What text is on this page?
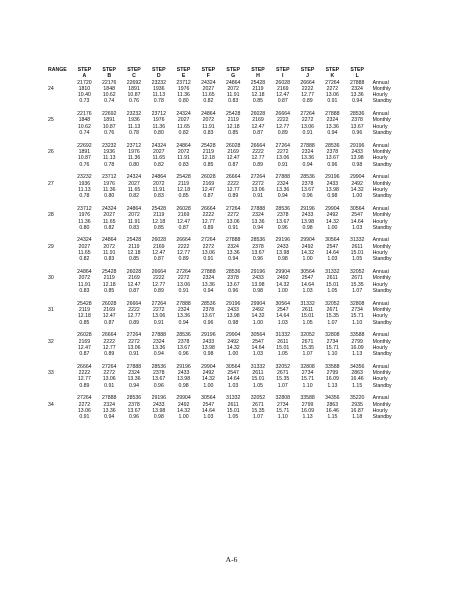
RANGE	STEP	STEP	STEP	STEP	STEP	STEP	STEP	STEP	STEP	STEP	STEP	STEP	
	A	B	C	D	E	F	G	H	I	J	K	L	
	21720	22176	22692	23232	23712	24324	24864	25428	26028	26664	27264	27888	Annual
24	1810	1848	1891	1936	1976	2027	2072	2119	2169	2222	2272	2324	Monthly
	10.40	10.62	10.87	11.13	11.36	11.65	11.91	12.18	12.47	12.77	13.06	13.36	Hourly
	0.73	0.74	0.76	0.78	0.80	0.82	0.83	0.85	0.87	0.89	0.91	0.94	Standby

	22176	22692	23232	23712	24324	24864	25428	26028	26664	27264	27888	28536	Annual
25	1848	1891	1936	1976	2027	2072	2119	2169	2222	2272	2324	2378	Monthly
	10.62	10.87	11.13	11.36	11.65	11.91	12.18	12.47	12.77	13.06	13.36	13.67	Hourly
	0.74	0.76	0.78	0.80	0.82	0.83	0.85	0.87	0.89	0.91	0.94	0.96	Standby

	22692	23232	23712	24324	24864	25428	26028	26664	27264	27888	28536	29196	Annual
26	1891	1936	1976	2027	2072	2119	2169	2222	2272	2324	2378	2433	Monthly
	10.87	11.13	11.36	11.65	11.91	12.18	12.47	12.77	13.06	13.36	13.67	13.98	Hourly
	0.76	0.78	0.80	0.82	0.83	0.85	0.87	0.89	0.91	0.94	0.96	0.98	Standby

	23232	23712	24324	24864	25428	26028	26664	27264	27888	28536	29196	29904	Annual
27	1936	1976	2027	2072	2119	2169	2222	2272	2324	2378	2433	2492	Monthly
	11.13	11.36	11.65	11.91	12.18	12.47	12.77	13.06	13.36	13.67	13.98	14.32	Hourly
	0.78	0.80	0.82	0.83	0.85	0.87	0.89	0.91	0.94	0.96	0.98	1.00	Standby

	23712	24324	24864	25428	26028	26664	27264	27888	28536	29196	29904	30564	Annual
28	1976	2027	2072	2119	2169	2222	2272	2324	2378	2433	2492	2547	Monthly
	11.36	11.65	11.91	12.18	12.47	12.77	13.06	13.36	13.67	13.98	14.32	14.64	Hourly
	0.80	0.82	0.83	0.85	0.87	0.89	0.91	0.94	0.96	0.98	1.00	1.03	Standby

	24324	24864	25428	26028	26664	27264	27888	28536	29196	29904	30564	31332	Annual
29	2027	2072	2119	2169	2222	2272	2324	2378	2433	2492	2547	2611	Monthly
	11.65	11.91	12.18	12.47	12.77	13.06	13.36	13.67	13.98	14.32	14.64	15.01	Hourly
	0.82	0.83	0.85	0.87	0.89	0.91	0.94	0.96	0.98	1.00	1.03	1.05	Standby

	24864	25428	26028	26664	27264	27888	28536	29196	29904	30564	31332	32052	Annual
30	2072	2119	2169	2222	2272	2324	2378	2433	2492	2547	2611	2671	Monthly
	11.91	12.18	12.47	12.77	13.06	13.36	13.67	13.98	14.32	14.64	15.01	15.35	Hourly
	0.83	0.85	0.87	0.89	0.91	0.94	0.96	0.98	1.00	1.03	1.05	1.07	Standby

	25428	26028	26664	27264	27888	28536	29196	29904	30564	31332	32052	32808	Annual
31	2119	2169	2222	2272	2324	2378	2433	2492	2547	2611	2671	2734	Monthly
	12.18	12.47	12.77	13.06	13.36	13.67	13.98	14.32	14.64	15.01	15.35	15.71	Hourly
	0.85	0.87	0.89	0.91	0.94	0.96	0.98	1.00	1.03	1.05	1.07	1.10	Standby

	26028	26664	27264	27888	28536	29196	29904	30564	31332	32052	32808	33588	Annual
32	2169	2222	2272	2324	2378	2433	2492	2547	2611	2671	2734	2799	Monthly
	12.47	12.77	13.06	13.36	13.67	13.98	14.32	14.64	15.01	15.35	15.71	16.09	Hourly
	0.87	0.89	0.91	0.94	0.96	0.98	1.00	1.03	1.05	1.07	1.10	1.13	Standby

	26664	27264	27888	28536	29196	29904	30564	31332	32052	32808	33588	34356	Annual
33	2222	2272	2324	2378	2433	2492	2547	2611	2671	2734	2799	2863	Monthly
	12.77	13.06	13.36	13.67	13.98	14.32	14.64	15.01	15.35	15.71	16.09	16.46	Hourly
	0.89	0.91	0.94	0.96	0.98	1.00	1.03	1.05	1.07	1.10	1.13	1.15	Standby

	27264	27888	28536	29196	29904	30564	31332	32052	32808	33588	34356	35220	Annual
34	2272	2324	2378	2433	2492	2547	2611	2671	2734	2799	2863	2935	Monthly
	13.06	13.36	13.67	13.98	14.32	14.64	15.01	15.35	15.71	16.09	16.46	16.87	Hourly
	0.91	0.94	0.96	0.98	1.00	1.03	1.05	1.07	1.10	1.13	1.15	1.18	Standby
A-6
